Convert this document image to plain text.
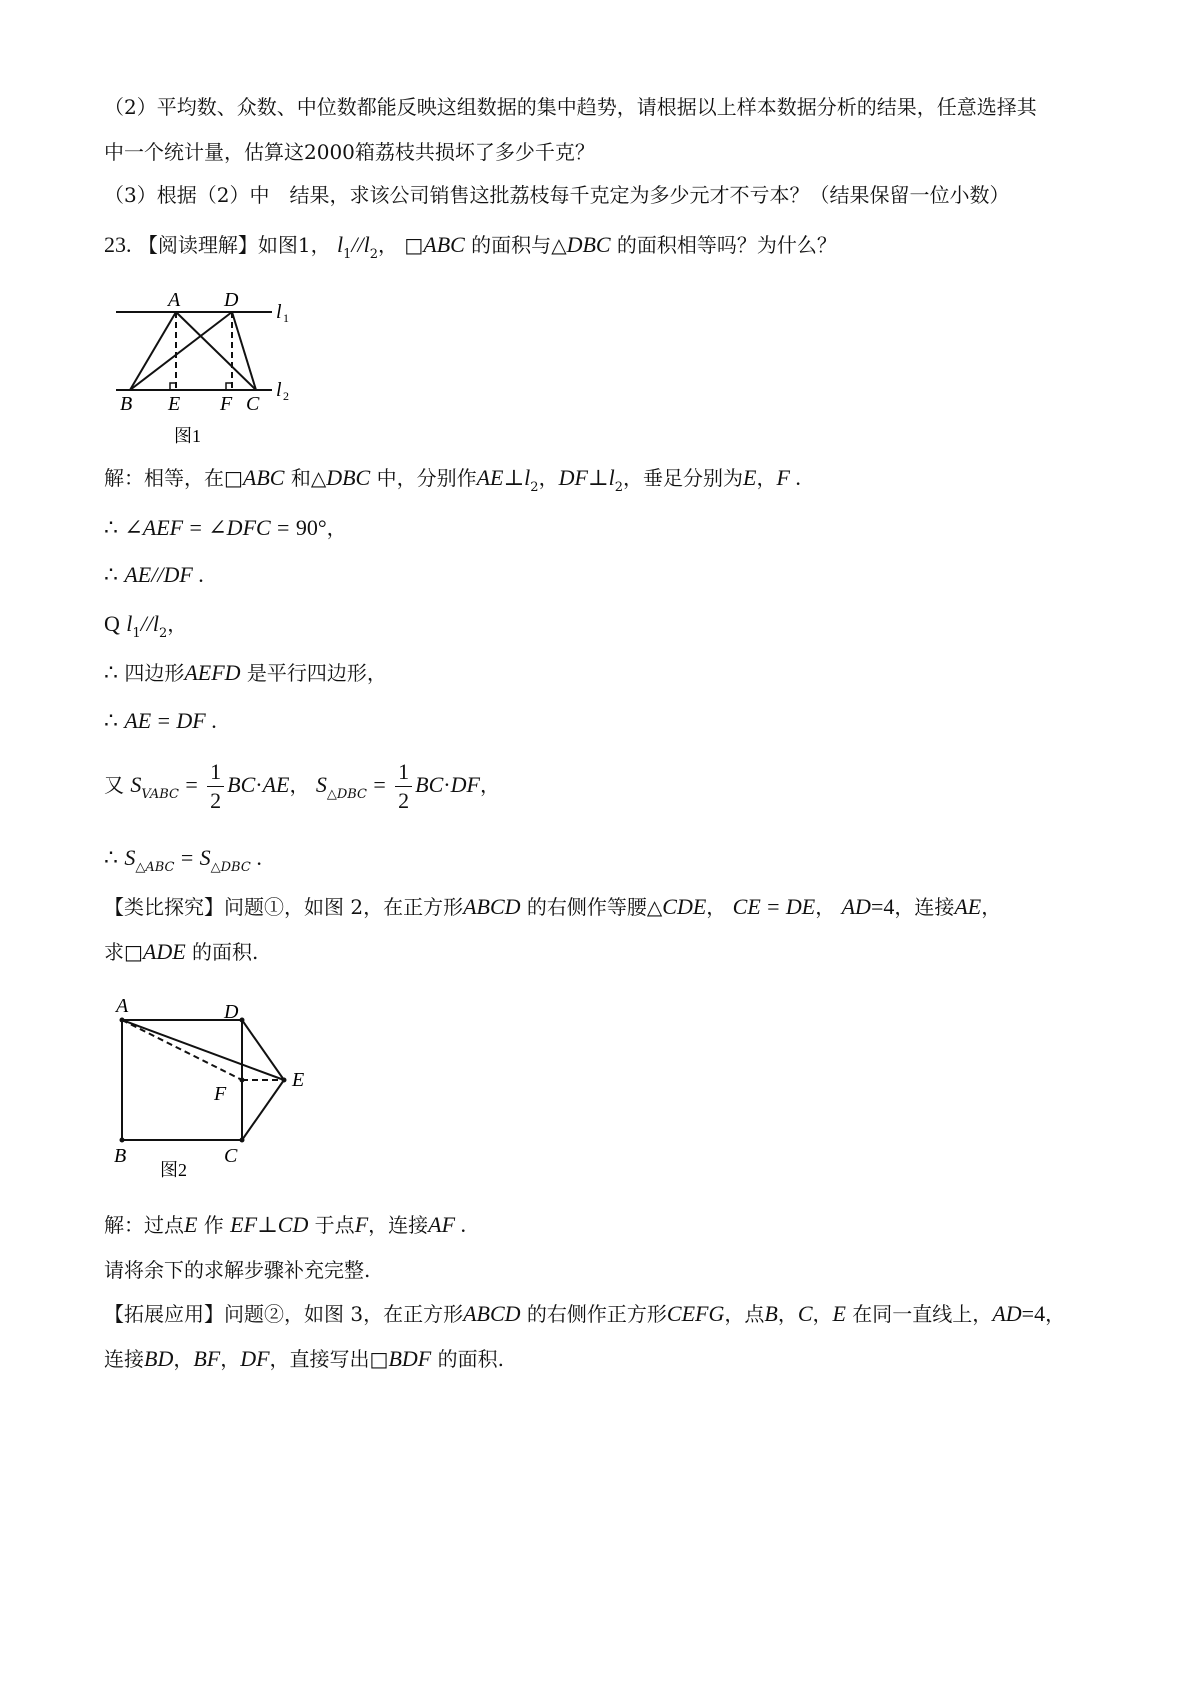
（2）平均数、众数、中位数都能反映这组数据的集中趋势，请根据以上样本数据分析的结果，任意选择其
中一个统计量，估算这2000箱荔枝共损坏了多少千克？
（3）根据（2）中　结果，求该公司销售这批荔枝每千克定为多少元才不亏本？（结果保留一位小数）
23. 【阅读理解】如图1， $l_1//l_2$， □ABC 的面积与△DBC 的面积相等吗？为什么？
A D
l 1
B E F C
l 2
图1
解：相等，在□ABC 和△DBC 中，分别作$AE\perp l_2$，$DF\perp l_2$，垂足分别为E，F .
∴ ∠AEF = ∠DFC = 90°，
∴ AE//DF .
Q $l_1//l_2$，
∴ 四边形AEFD 是平行四边形，
∴ AE = DF .
又 $S_{VABC} = \frac{1}{2} BC\cdot AE$， $S_{\triangle DBC} = \frac{1}{2} BC\cdot DF$，
∴ $S_{\triangle ABC} = S_{\triangle DBC}$ .
【类比探究】问题①，如图 2，在正方形ABCD 的右侧作等腰△CDE， CE = DE， AD=4，连接AE，
求□ADE 的面积.
A	D
E
F
B	C
图2
解：过点E 作 EF⊥CD 于点F，连接AF .
请将余下的求解步骤补充完整.
【拓展应用】问题②，如图 3，在正方形ABCD 的右侧作正方形CEFG，点B，C，E 在同一直线上，AD=4，
连接BD，BF，DF，直接写出□BDF 的面积.
